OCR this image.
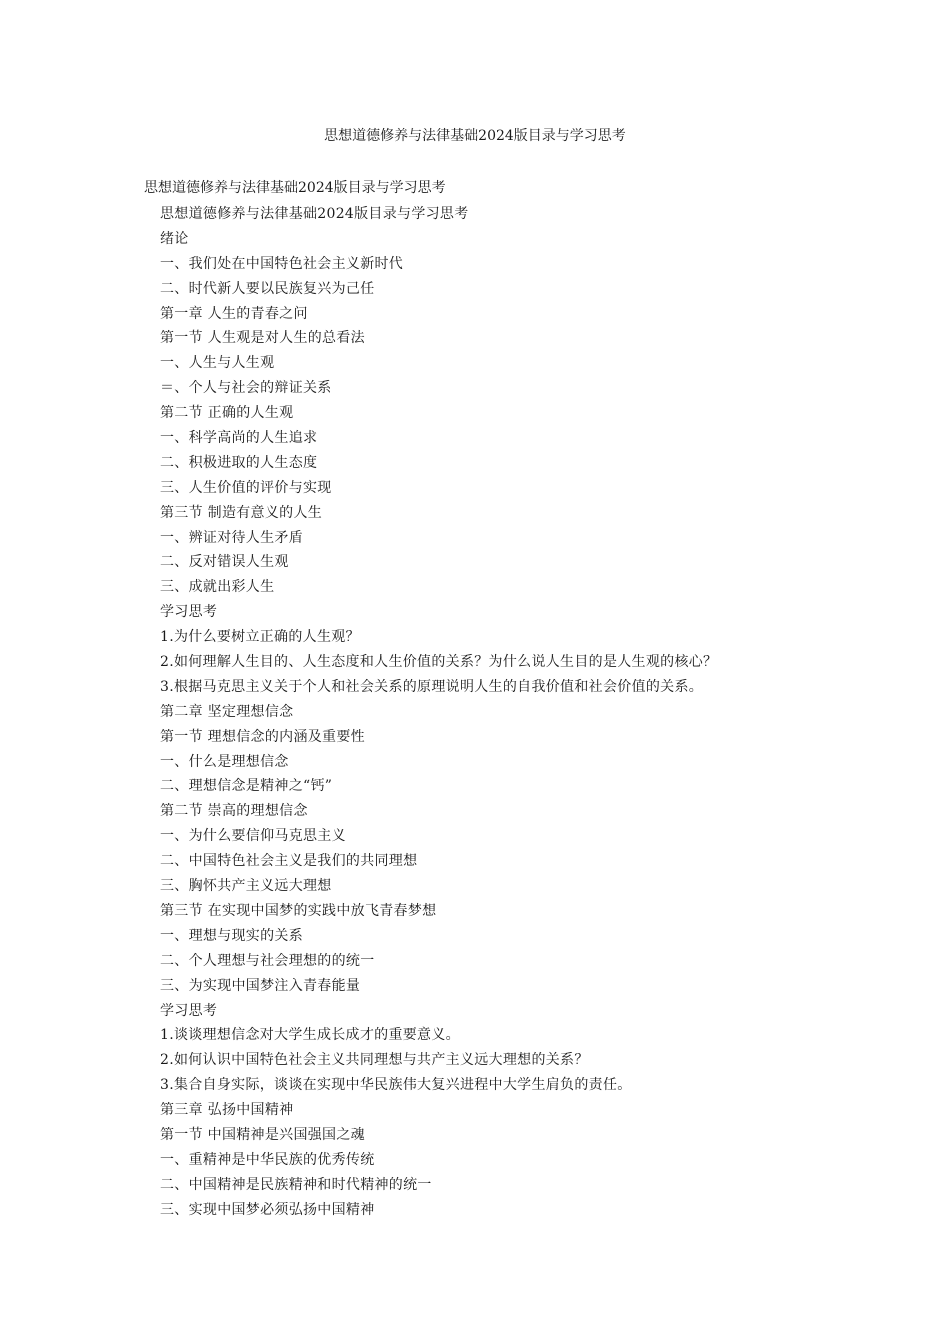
思想道德修养与法律基础2024版目录与学习思考
思想道德修养与法律基础2024版目录与学习思考
思想道德修养与法律基础2024版目录与学习思考
绪论
一、我们处在中国特色社会主义新时代
二、时代新人要以民族复兴为己任
第一章 人生的青春之问
第一节 人生观是对人生的总看法
一、人生与人生观
＝、个人与社会的辩证关系
第二节 正确的人生观
一、科学高尚的人生追求
二、积极进取的人生态度
三、人生价值的评价与实现
第三节 制造有意义的人生
一、辨证对待人生矛盾
二、反对错误人生观
三、成就出彩人生
学习思考
1.为什么要树立正确的人生观？
2.如何理解人生目的、人生态度和人生价值的关系？为什么说人生目的是人生观的核心？
3.根据马克思主义关于个人和社会关系的原理说明人生的自我价值和社会价值的关系。
第二章 坚定理想信念
第一节 理想信念的内涵及重要性
一、什么是理想信念
二、理想信念是精神之“钙”
第二节 崇高的理想信念
一、为什么要信仰马克思主义
二、中国特色社会主义是我们的共同理想
三、胸怀共产主义远大理想
第三节 在实现中国梦的实践中放飞青春梦想
一、理想与现实的关系
二、个人理想与社会理想的的统一
三、为实现中国梦注入青春能量
学习思考
1.谈谈理想信念对大学生成长成才的重要意义。
2.如何认识中国特色社会主义共同理想与共产主义远大理想的关系？
3.集合自身实际，谈谈在实现中华民族伟大复兴进程中大学生肩负的责任。
第三章 弘扬中国精神
第一节 中国精神是兴国强国之魂
一、重精神是中华民族的优秀传统
二、中国精神是民族精神和时代精神的统一
三、实现中国梦必须弘扬中国精神
